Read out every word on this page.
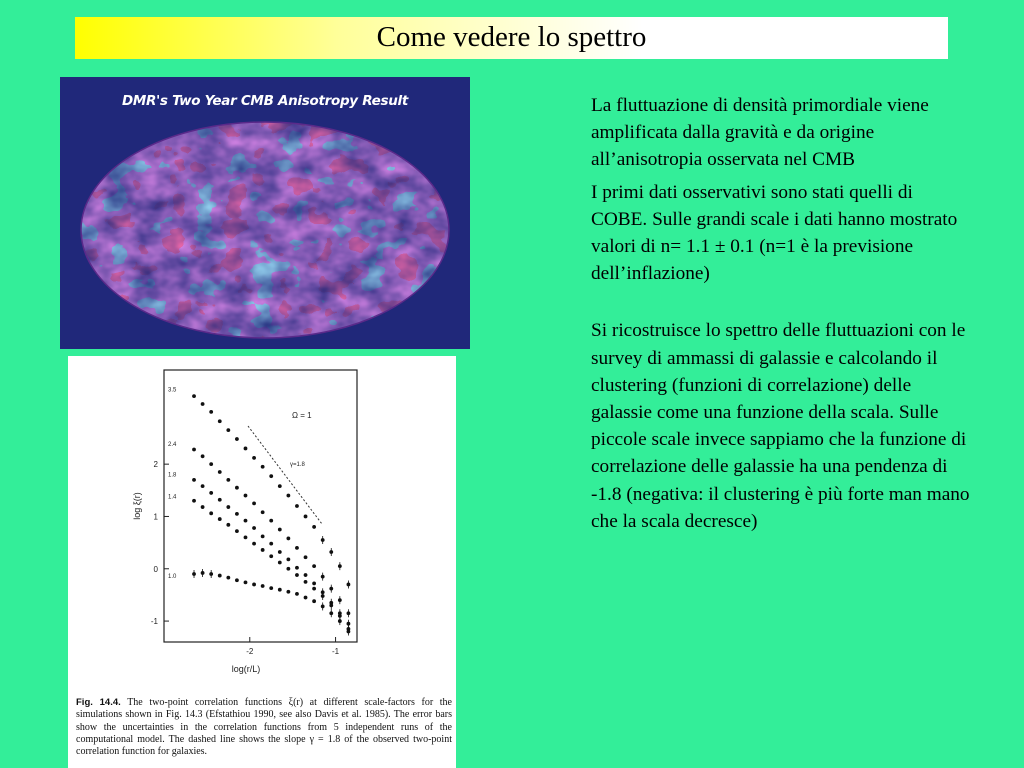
Come vedere lo spettro
DMR's Two Year CMB Anisotropy Result
-2	-1
2
1
0
-1
3.5
2.4
1.8
1.4
1.0
Ω = 1
γ=1.8
log(r/L)
log ξ(r)
Fig. 14.4. The two-point correlation functions ξ(r) at different scale-factors for the simulations shown in Fig. 14.3 (Efstathiou 1990, see also Davis et al. 1985). The error bars show the uncertainties in the correlation functions from 5 independent runs of the computational model. The dashed line shows the slope γ = 1.8 of the observed two-point correlation function for galaxies.

La fluttuazione di densità primordiale viene amplificata dalla gravità e da origine all’anisotropia osservata nel CMB

I primi dati osservativi sono stati quelli di COBE. Sulle grandi scale i dati hanno mostrato valori di n= 1.1 ± 0.1 (n=1 è la previsione dell’inflazione)

Si ricostruisce lo spettro delle fluttuazioni con le survey di ammassi di galassie e calcolando il clustering (funzioni di correlazione) delle galassie come una funzione della scala. Sulle piccole scale invece sappiamo che la funzione di correlazione delle galassie ha una pendenza di -1.8 (negativa: il clustering è più forte man mano che la scala decresce)
